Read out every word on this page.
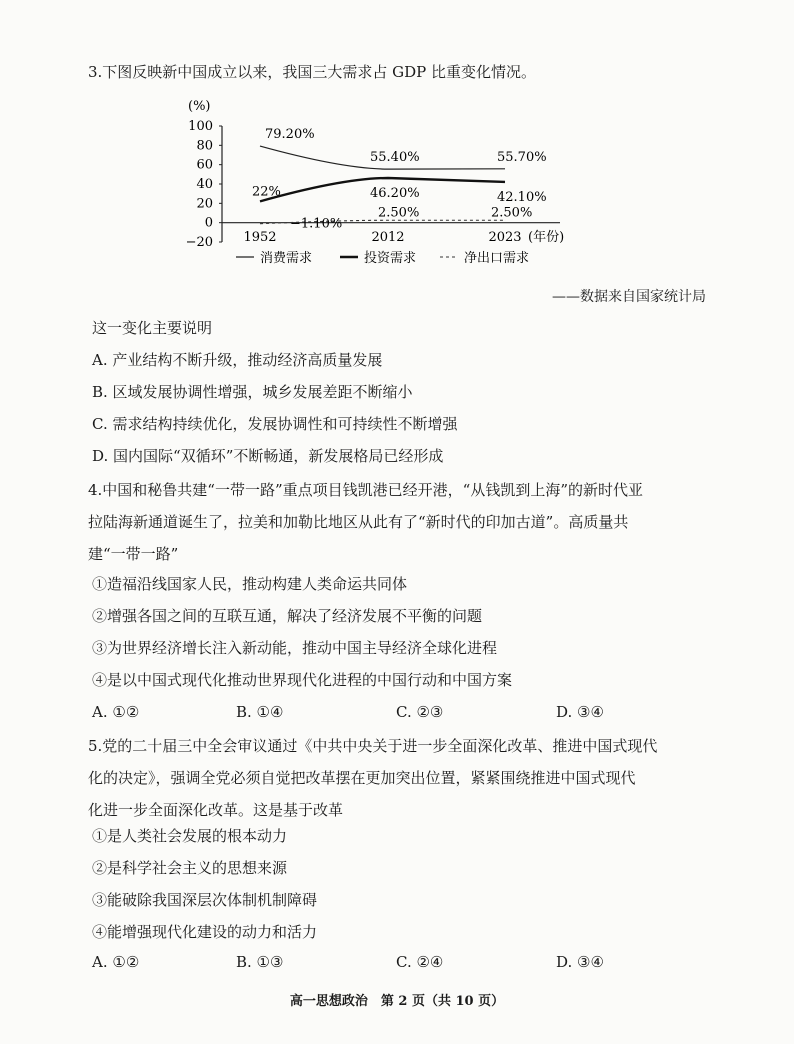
3.下图反映新中国成立以来，我国三大需求占 GDP 比重变化情况。
(%)
100
80
60
40
20
0
−20
79.20%
55.40%	55.70%
22%	46.20%	42.10%
−1.10%
2.50%	2.50%
1952	2012	2023 (年份)
消费需求	投资需求	净出口需求
——数据来自国家统计局
这一变化主要说明
A. 产业结构不断升级，推动经济高质量发展
B. 区域发展协调性增强，城乡发展差距不断缩小
C. 需求结构持续优化，发展协调性和可持续性不断增强
D. 国内国际“双循环”不断畅通，新发展格局已经形成
4.中国和秘鲁共建“一带一路”重点项目钱凯港已经开港，“从钱凯到上海”的新时代亚
拉陆海新通道诞生了，拉美和加勒比地区从此有了“新时代的印加古道”。高质量共
建“一带一路”
①造福沿线国家人民，推动构建人类命运共同体
②增强各国之间的互联互通，解决了经济发展不平衡的问题
③为世界经济增长注入新动能，推动中国主导经济全球化进程
④是以中国式现代化推动世界现代化进程的中国行动和中国方案
A. ①②	B. ①④	C. ②③	D. ③④
5.党的二十届三中全会审议通过《中共中央关于进一步全面深化改革、推进中国式现代
化的决定》，强调全党必须自觉把改革摆在更加突出位置，紧紧围绕推进中国式现代
化进一步全面深化改革。这是基于改革
①是人类社会发展的根本动力
②是科学社会主义的思想来源
③能破除我国深层次体制机制障碍
④能增强现代化建设的动力和活力
A. ①②	B. ①③	C. ②④	D. ③④
高一思想政治　第 2 页（共 10 页）
